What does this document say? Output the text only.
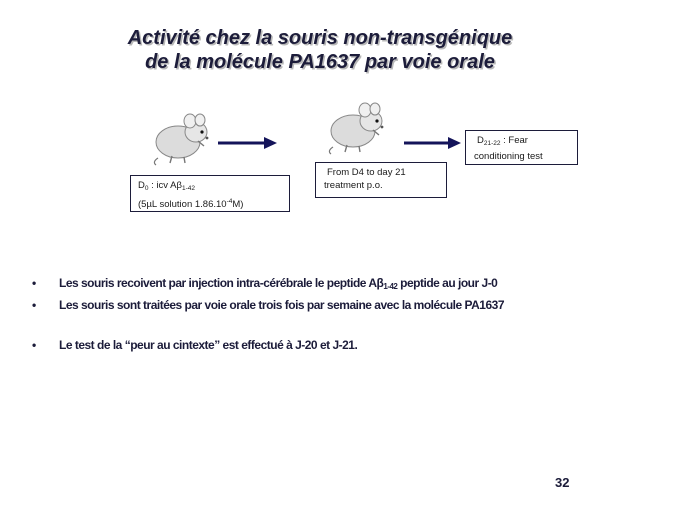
Activité chez la souris non-transgénique
de la molécule PA1637 par voie orale
$D_0$ : icv $A\beta_{1-42}$
(5µL solution $1.86.10^{-4}M$)
From D4 to day 21
treatment p.o.
$D_{21-22}$ : Fear
conditioning test
• Les souris recoivent par injection intra-cérébrale le peptide $A\beta_{1-42}$ peptide au jour J-0
• Les souris sont traitées par voie orale trois fois par semaine avec la molécule PA1637
• Le test de la “peur au cintexte” est effectué à J-20 et J-21.
32
